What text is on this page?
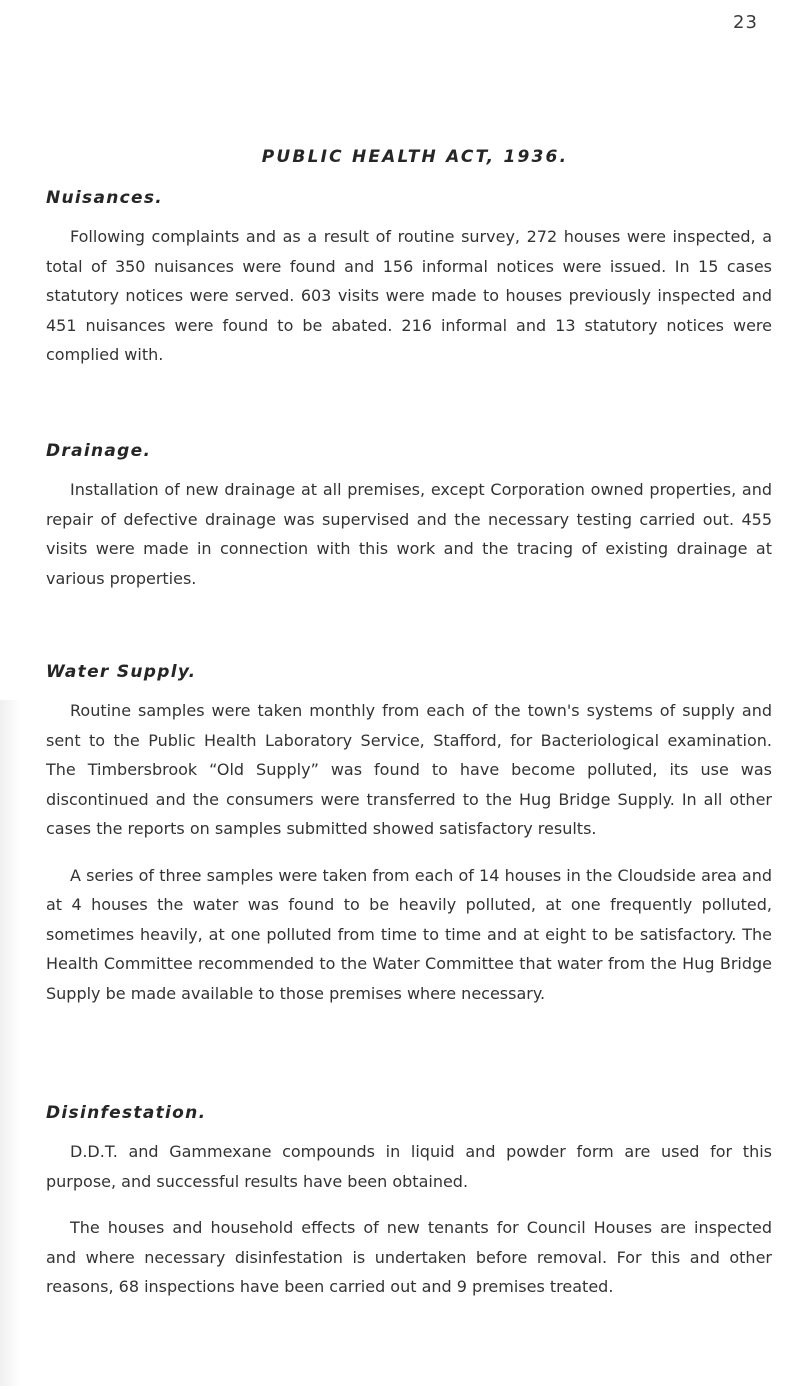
23
PUBLIC HEALTH ACT, 1936.
Nuisances.

Following complaints and as a result of routine survey, 272 houses were inspected, a total of 350 nuisances were found and 156 informal notices were issued. In 15 cases statutory notices were served. 603 visits were made to houses previously inspected and 451 nuisances were found to be abated. 216 informal and 13 statutory notices were complied with.

Drainage.

Installation of new drainage at all premises, except Corporation owned properties, and repair of defective drainage was supervised and the necessary testing carried out. 455 visits were made in connection with this work and the tracing of existing drainage at various properties.

Water Supply.

Routine samples were taken monthly from each of the town's systems of supply and sent to the Public Health Laboratory Service, Stafford, for Bacteriological examination. The Timbersbrook “Old Supply” was found to have become polluted, its use was discontinued and the consumers were transferred to the Hug Bridge Supply. In all other cases the reports on samples submitted showed satisfactory results.

A series of three samples were taken from each of 14 houses in the Cloudside area and at 4 houses the water was found to be heavily polluted, at one frequently polluted, sometimes heavily, at one polluted from time to time and at eight to be satisfactory. The Health Committee recommended to the Water Committee that water from the Hug Bridge Supply be made available to those premises where necessary.

Disinfestation.

D.D.T. and Gammexane compounds in liquid and powder form are used for this purpose, and successful results have been obtained.

The houses and household effects of new tenants for Council Houses are inspected and where necessary disinfestation is undertaken before removal. For this and other reasons, 68 inspections have been carried out and 9 premises treated.
